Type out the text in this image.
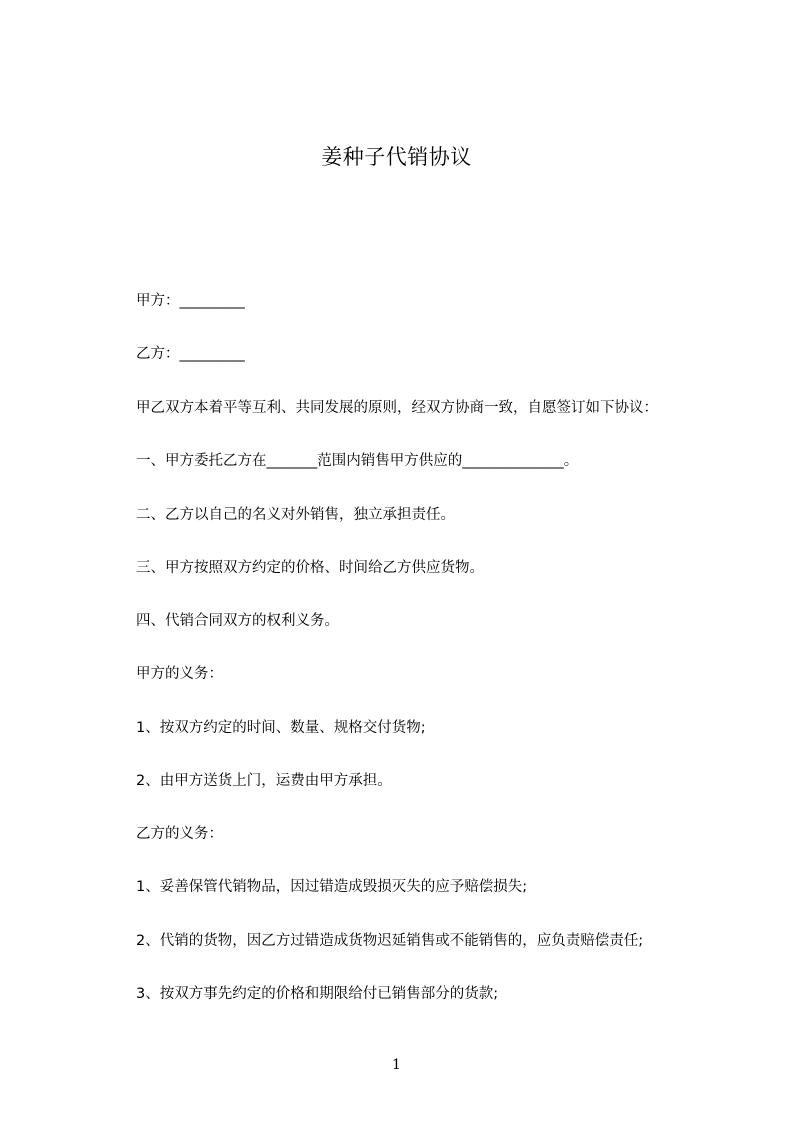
姜种子代销协议
甲方：_________
乙方：_________
甲乙双方本着平等互利、共同发展的原则，经双方协商一致，自愿签订如下协议：
一、甲方委托乙方在_______范围内销售甲方供应的______________。
二、乙方以自己的名义对外销售，独立承担责任。
三、甲方按照双方约定的价格、时间给乙方供应货物。
四、代销合同双方的权利义务。
甲方的义务：
1、按双方约定的时间、数量、规格交付货物;
2、由甲方送货上门，运费由甲方承担。
乙方的义务：
1、妥善保管代销物品，因过错造成毁损灭失的应予赔偿损失;
2、代销的货物，因乙方过错造成货物迟延销售或不能销售的，应负责赔偿责任;
3、按双方事先约定的价格和期限给付已销售部分的货款;
1
